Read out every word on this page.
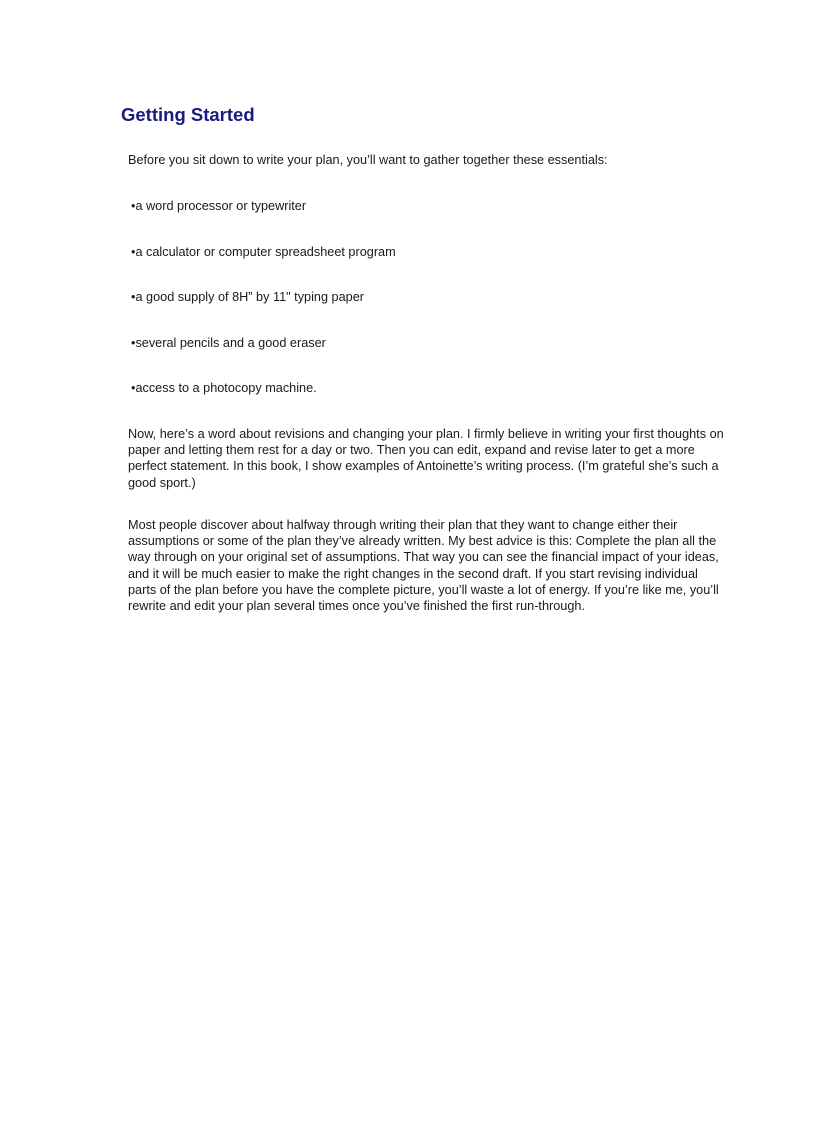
Getting Started

Before you sit down to write your plan, you’ll want to gather together these essentials:

•a word processor or typewriter
•a calculator or computer spreadsheet program
•a good supply of 8H” by 11" typing paper
•several pencils and a good eraser
•access to a photocopy machine.

Now, here’s a word about revisions and changing your plan. I firmly believe in writing your first thoughts on paper and letting them rest for a day or two. Then you can edit, expand and revise later to get a more perfect statement. In this book, I show examples of Antoinette’s writing process. (I’m grateful she’s such a good sport.)

Most people discover about halfway through writing their plan that they want to change either their assumptions or some of the plan they’ve already written. My best advice is this: Complete the plan all the way through on your original set of assumptions. That way you can see the financial impact of your ideas, and it will be much easier to make the right changes in the second draft. If you start revising individual parts of the plan before you have the complete picture, you’ll waste a lot of energy. If you’re like me, you’ll rewrite and edit your plan several times once you’ve finished the first run-through.
